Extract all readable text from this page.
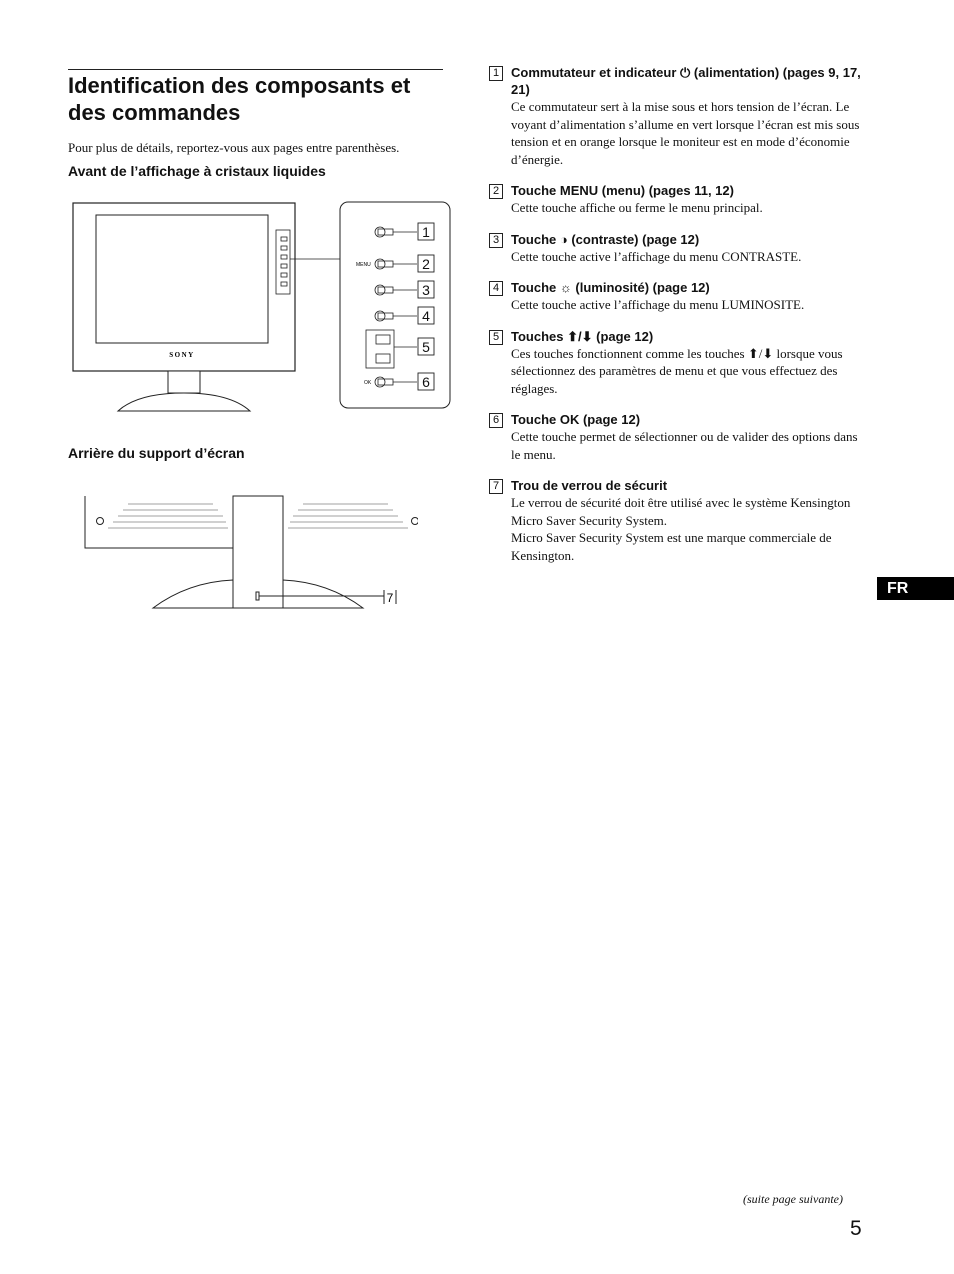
Identification des composants et des commandes
Pour plus de détails, reportez-vous aux pages entre parenthèses.
Avant de l’affichage à cristaux liquides
SONY
MENU
OK
1
2
3
4
5
6
Arrière du support d’écran
7
1 Commutateur et indicateur ⏻ (alimentation) (pages 9, 17, 21)
Ce commutateur sert à la mise sous et hors tension de l’écran. Le voyant d’alimentation s’allume en vert lorsque l’écran est mis sous tension et en orange lorsque le moniteur est en mode d’économie d’énergie.
2 Touche MENU (menu) (pages 11, 12)
Cette touche affiche ou ferme le menu principal.
3 Touche ◑ (contraste) (page 12)
Cette touche active l’affichage du menu CONTRASTE.
4 Touche ☼ (luminosité) (page 12)
Cette touche active l’affichage du menu LUMINOSITE.
5 Touches ⬆/⬇ (page 12)
Ces touches fonctionnent comme les touches ⬆/⬇ lorsque vous sélectionnez des paramètres de menu et que vous effectuez des réglages.
6 Touche OK (page 12)
Cette touche permet de sélectionner ou de valider des options dans le menu.
7 Trou de verrou de sécurit
Le verrou de sécurité doit être utilisé avec le système Kensington Micro Saver Security System.
Micro Saver Security System est une marque commerciale de Kensington.
FR
(suite page suivante)
5
